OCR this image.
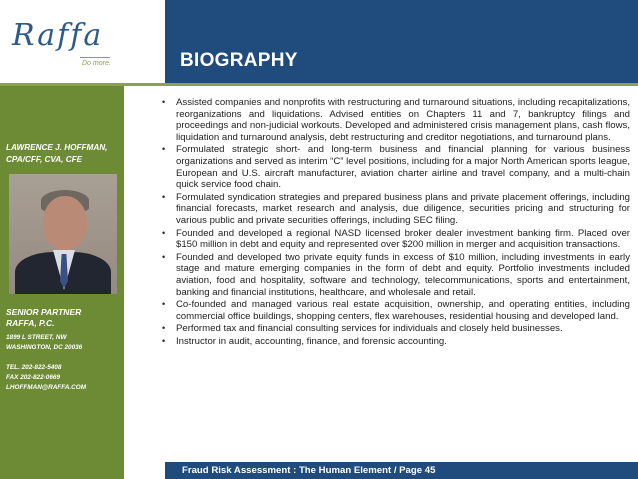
Raffa
Do more.	BIOGRAPHY
LAWRENCE J. HOFFMAN,
CPA/CFF, CVA, CFE
SENIOR PARTNER
RAFFA, P.C.
1899 L STREET, NW
WASHINGTON, DC 20036
TEL. 202-822-5408
FAX 202-822-0669
LHOFFMAN@RAFFA.COM
• Assisted companies and nonprofits with restructuring and turnaround situations, including recapitalizations, reorganizations and liquidations. Advised entities on Chapters 11 and 7, bankruptcy filings and proceedings and non-judicial workouts. Developed and administered crisis management plans, cash flows, liquidation and turnaround analysis, debt restructuring and creditor negotiations, and turnaround plans.
• Formulated strategic short- and long-term business and financial planning for various business organizations and served as interim “C” level positions, including for a major North American sports league, European and U.S. aircraft manufacturer, aviation charter airline and travel company, and a multi-chain quick service food chain.
• Formulated syndication strategies and prepared business plans and private placement offerings, including financial forecasts, market research and analysis, due diligence, securities pricing and structuring for various public and private securities offerings, including SEC filing.
• Founded and developed a regional NASD licensed broker dealer investment banking firm. Placed over $150 million in debt and equity and represented over $200 million in merger and acquisition transactions.
• Founded and developed two private equity funds in excess of $10 million, including investments in early stage and mature emerging companies in the form of debt and equity. Portfolio investments included aviation, food and hospitality, software and technology, telecommunications, sports and entertainment, banking and financial institutions, healthcare, and wholesale and retail.
• Co-founded and managed various real estate acquisition, ownership, and operating entities, including commercial office buildings, shopping centers, flex warehouses, residential housing and developed land.
• Performed tax and financial consulting services for individuals and closely held businesses.
• Instructor in audit, accounting, finance, and forensic accounting.
Fraud Risk Assessment : The Human Element / Page 45
